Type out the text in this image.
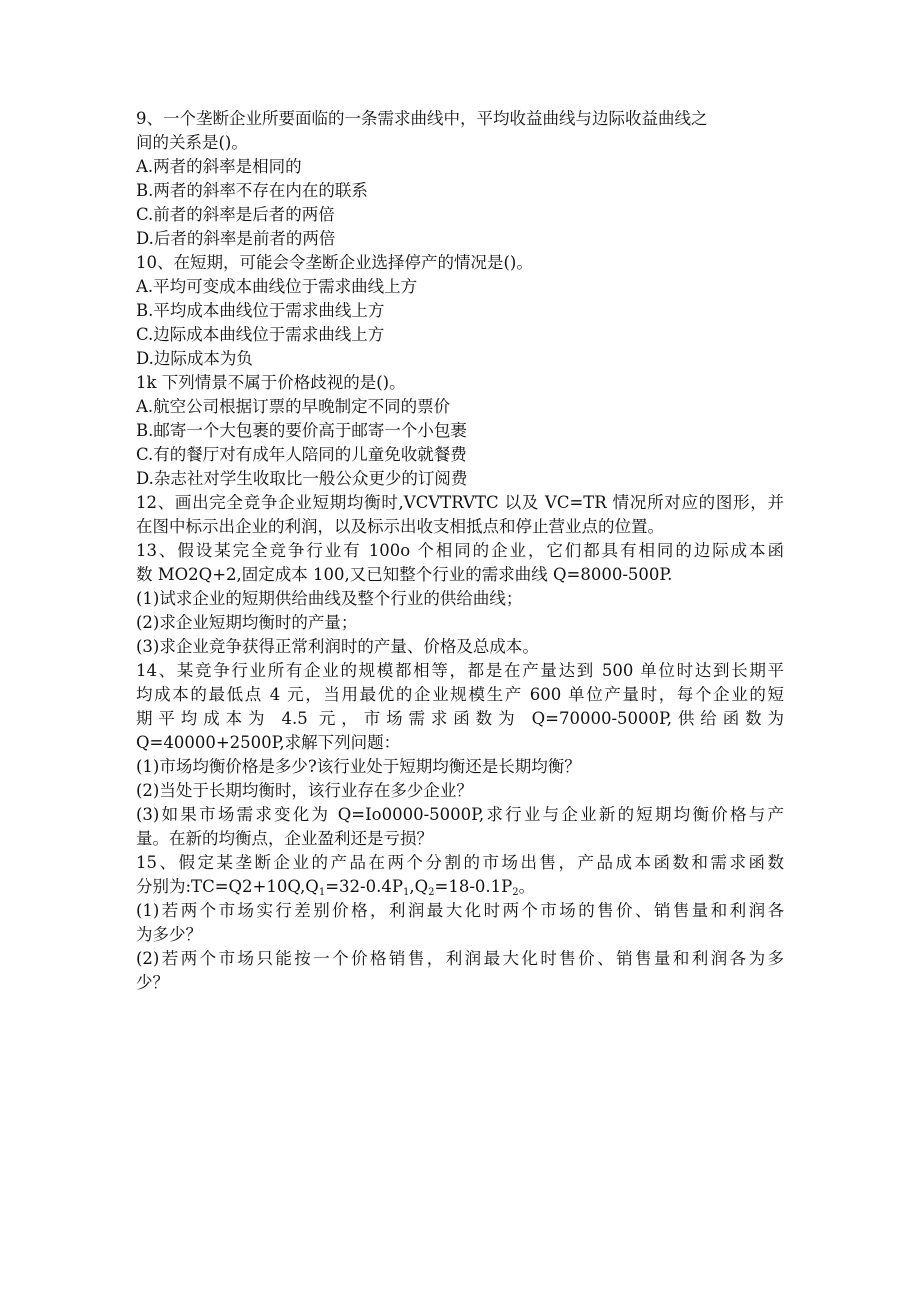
9、一个垄断企业所要面临的一条需求曲线中，平均收益曲线与边际收益曲线之
间的关系是()。
A.两者的斜率是相同的
B.两者的斜率不存在内在的联系
C.前者的斜率是后者的两倍
D.后者的斜率是前者的两倍
10、在短期，可能会令垄断企业选择停产的情况是()。
A.平均可变成本曲线位于需求曲线上方
B.平均成本曲线位于需求曲线上方
C.边际成本曲线位于需求曲线上方
D.边际成本为负
1k 下列情景不属于价格歧视的是()。
A.航空公司根据订票的早晚制定不同的票价
B.邮寄一个大包裹的要价高于邮寄一个小包裹
C.有的餐厅对有成年人陪同的儿童免收就餐费
D.杂志社对学生收取比一般公众更少的订阅费
12、画出完全竞争企业短期均衡时,VCVTRVTC 以及 VC=TR 情况所对应的图形，并
在图中标示出企业的利润，以及标示出收支相抵点和停止营业点的位置。
13、假设某完全竞争行业有 100o 个相同的企业，它们都具有相同的边际成本函
数 MO2Q+2,固定成本 100,又已知整个行业的需求曲线 Q=8000-500P.
(1)试求企业的短期供给曲线及整个行业的供给曲线；
(2)求企业短期均衡时的产量；
(3)求企业竞争获得正常利润时的产量、价格及总成本。
14、某竞争行业所有企业的规模都相等，都是在产量达到 500 单位时达到长期平
均成本的最低点 4 元，当用最优的企业规模生产 600 单位产量时，每个企业的短
期平均成本为 4.5 元，市场需求函数为 Q=70000-5000P,供给函数为
Q=40000+2500P,求解下列问题：
(1)市场均衡价格是多少?该行业处于短期均衡还是长期均衡？
(2)当处于长期均衡时，该行业存在多少企业？
(3)如果市场需求变化为 Q=Io0000-5000P,求行业与企业新的短期均衡价格与产
量。在新的均衡点，企业盈利还是亏损？
15、假定某垄断企业的产品在两个分割的市场出售，产品成本函数和需求函数
分别为$:TC=Q2+10Q,Q_1=32-0.4P_1,Q_2=18-0.1P_2$。
(1)若两个市场实行差别价格，利润最大化时两个市场的售价、销售量和利润各
为多少？
(2)若两个市场只能按一个价格销售，利润最大化时售价、销售量和利润各为多
少？
